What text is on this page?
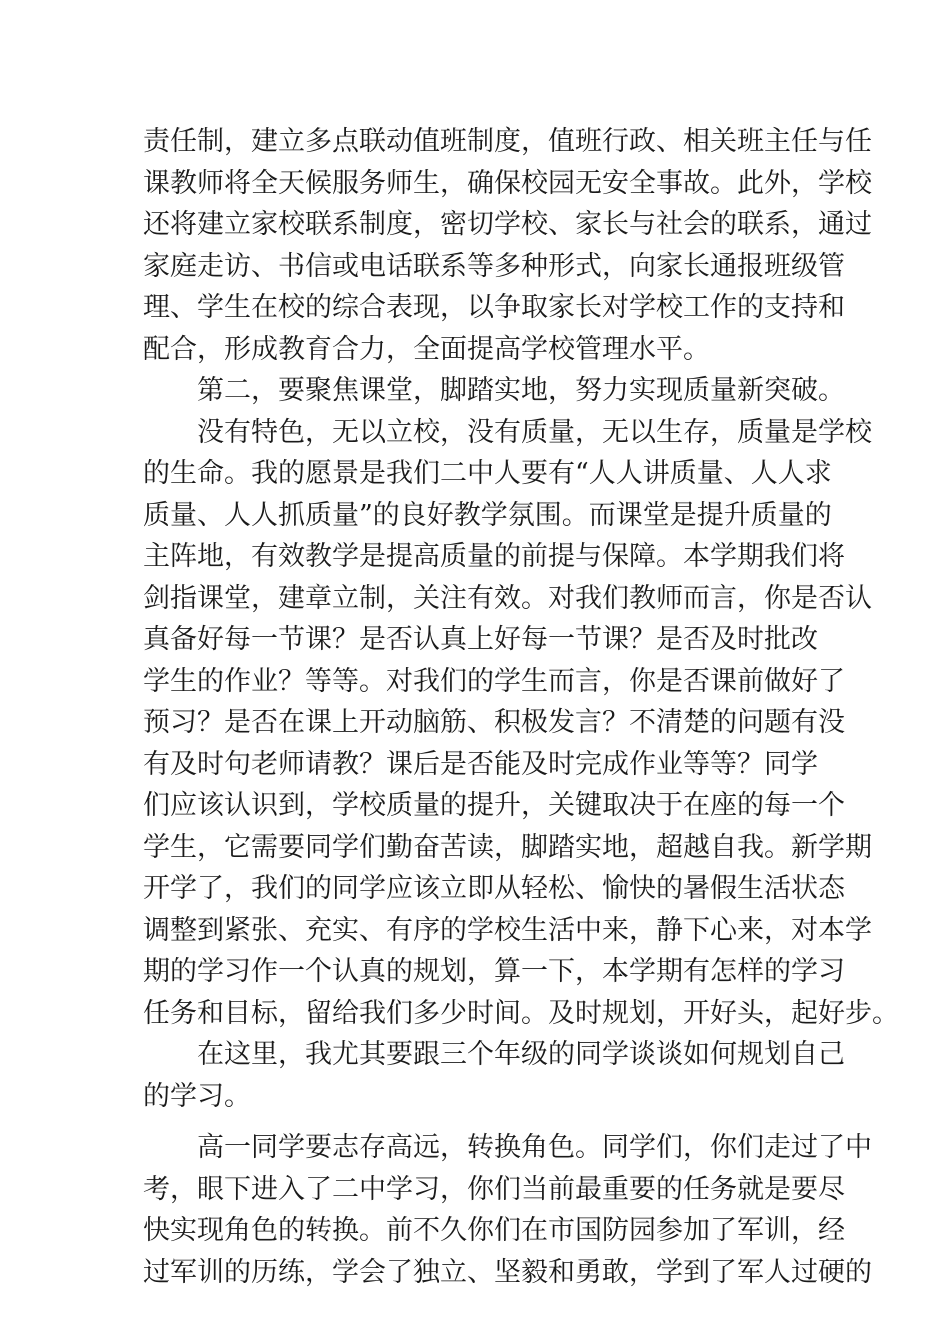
责任制，建立多点联动值班制度，值班行政、相关班主任与任
课教师将全天候服务师生，确保校园无安全事故。此外，学校
还将建立家校联系制度，密切学校、家长与社会的联系，通过
家庭走访、书信或电话联系等多种形式，向家长通报班级管
理、学生在校的综合表现，以争取家长对学校工作的支持和
配合，形成教育合力，全面提高学校管理水平。
第二，要聚焦课堂，脚踏实地，努力实现质量新突破。
没有特色，无以立校，没有质量，无以生存，质量是学校
的生命。我的愿景是我们二中人要有“人人讲质量、人人求
质量、人人抓质量”的良好教学氛围。而课堂是提升质量的
主阵地，有效教学是提高质量的前提与保障。本学期我们将
剑指课堂，建章立制，关注有效。对我们教师而言，你是否认
真备好每一节课？是否认真上好每一节课？是否及时批改
学生的作业？等等。对我们的学生而言，你是否课前做好了
预习？是否在课上开动脑筋、积极发言？不清楚的问题有没
有及时句老师请教？课后是否能及时完成作业等等？同学
们应该认识到，学校质量的提升，关键取决于在座的每一个
学生，它需要同学们勤奋苦读，脚踏实地，超越自我。新学期
开学了，我们的同学应该立即从轻松、愉快的暑假生活状态
调整到紧张、充实、有序的学校生活中来，静下心来，对本学
期的学习作一个认真的规划，算一下，本学期有怎样的学习
任务和目标，留给我们多少时间。及时规划，开好头，起好步。
在这里，我尤其要跟三个年级的同学谈谈如何规划自己
的学习。
高一同学要志存高远，转换角色。同学们，你们走过了中
考，眼下进入了二中学习，你们当前最重要的任务就是要尽
快实现角色的转换。前不久你们在市国防园参加了军训，经
过军训的历练，学会了独立、坚毅和勇敢，学到了军人过硬的
